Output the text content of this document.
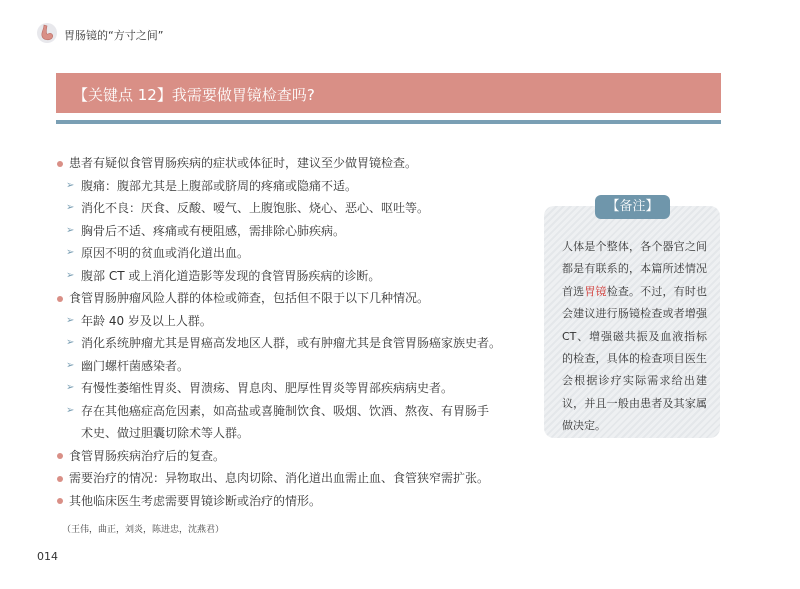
胃肠镜的“方寸之间”
【关键点 12】我需要做胃镜检查吗?
患者有疑似食管胃肠疾病的症状或体征时，建议至少做胃镜检查。
➢ 腹痛：腹部尤其是上腹部或脐周的疼痛或隐痛不适。
➢ 消化不良：厌食、反酸、嗳气、上腹饱胀、烧心、恶心、呕吐等。
➢ 胸骨后不适、疼痛或有梗阻感，需排除心肺疾病。
➢ 原因不明的贫血或消化道出血。
➢ 腹部 CT 或上消化道造影等发现的食管胃肠疾病的诊断。
食管胃肠肿瘤风险人群的体检或筛查，包括但不限于以下几种情况。
➢ 年龄 40 岁及以上人群。
➢ 消化系统肿瘤尤其是胃癌高发地区人群，或有肿瘤尤其是食管胃肠癌家族史者。
➢ 幽门螺杆菌感染者。
➢ 有慢性萎缩性胃炎、胃溃疡、胃息肉、肥厚性胃炎等胃部疾病病史者。
➢ 存在其他癌症高危因素，如高盐或喜腌制饮食、吸烟、饮酒、熬夜、有胃肠手
术史、做过胆囊切除术等人群。
食管胃肠疾病治疗后的复查。
需要治疗的情况：异物取出、息肉切除、消化道出血需止血、食管狭窄需扩张。
其他临床医生考虑需要胃镜诊断或治疗的情形。
【备注】
人体是个整体，各个器官之间都是有联系的，本篇所述情况首选胃镜检查。不过，有时也会建议进行肠镜检查或者增强 CT、增强磁共振及血液指标的检查，具体的检查项目医生会根据诊疗实际需求给出建议，并且一般由患者及其家属做决定。
（王伟，曲正，刘炎，陈进忠，沈燕君）
014
